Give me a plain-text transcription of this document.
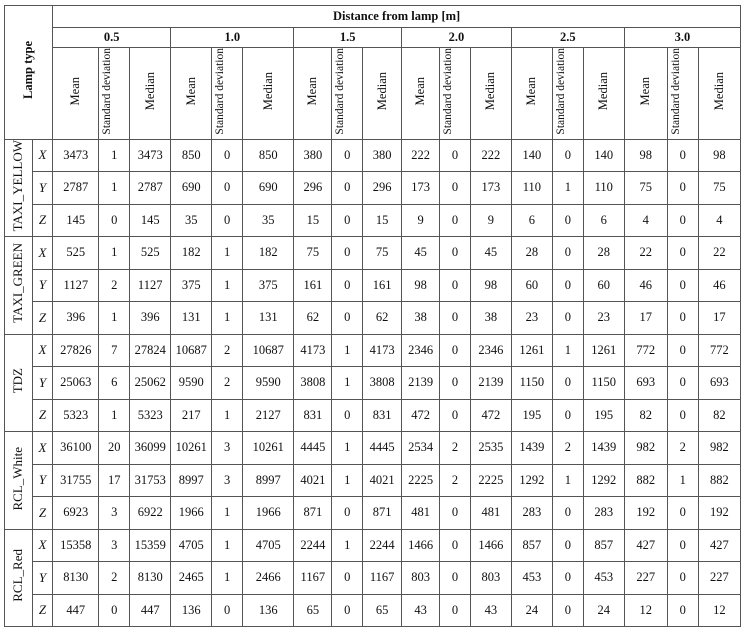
Lamp type		Distance from lamp [m]																	
		0.5			1.0			1.5			2.0			2.5			3.0		
		Mean	Standard deviation	Median	Mean	Standard deviation	Median	Mean	Standard deviation	Median	Mean	Standard deviation	Median	Mean	Standard deviation	Median	Mean	Standard deviation	Median
TAXI_YELLOW	X	3473	1	3473	850	0	850	380	0	380	222	0	222	140	0	140	98	0	98
	Y	2787	1	2787	690	0	690	296	0	296	173	0	173	110	1	110	75	0	75
	Z	145	0	145	35	0	35	15	0	15	9	0	9	6	0	6	4	0	4
TAXI_GREEN	X	525	1	525	182	1	182	75	0	75	45	0	45	28	0	28	22	0	22
	Y	1127	2	1127	375	1	375	161	0	161	98	0	98	60	0	60	46	0	46
	Z	396	1	396	131	1	131	62	0	62	38	0	38	23	0	23	17	0	17
TDZ	X	27826	7	27824	10687	2	10687	4173	1	4173	2346	0	2346	1261	1	1261	772	0	772
	Y	25063	6	25062	9590	2	9590	3808	1	3808	2139	0	2139	1150	0	1150	693	0	693
	Z	5323	1	5323	217	1	2127	831	0	831	472	0	472	195	0	195	82	0	82
RCL_White	X	36100	20	36099	10261	3	10261	4445	1	4445	2534	2	2535	1439	2	1439	982	2	982
	Y	31755	17	31753	8997	3	8997	4021	1	4021	2225	2	2225	1292	1	1292	882	1	882
	Z	6923	3	6922	1966	1	1966	871	0	871	481	0	481	283	0	283	192	0	192
RCL_Red	X	15358	3	15359	4705	1	4705	2244	1	2244	1466	0	1466	857	0	857	427	0	427
	Y	8130	2	8130	2465	1	2466	1167	0	1167	803	0	803	453	0	453	227	0	227
	Z	447	0	447	136	0	136	65	0	65	43	0	43	24	0	24	12	0	12
